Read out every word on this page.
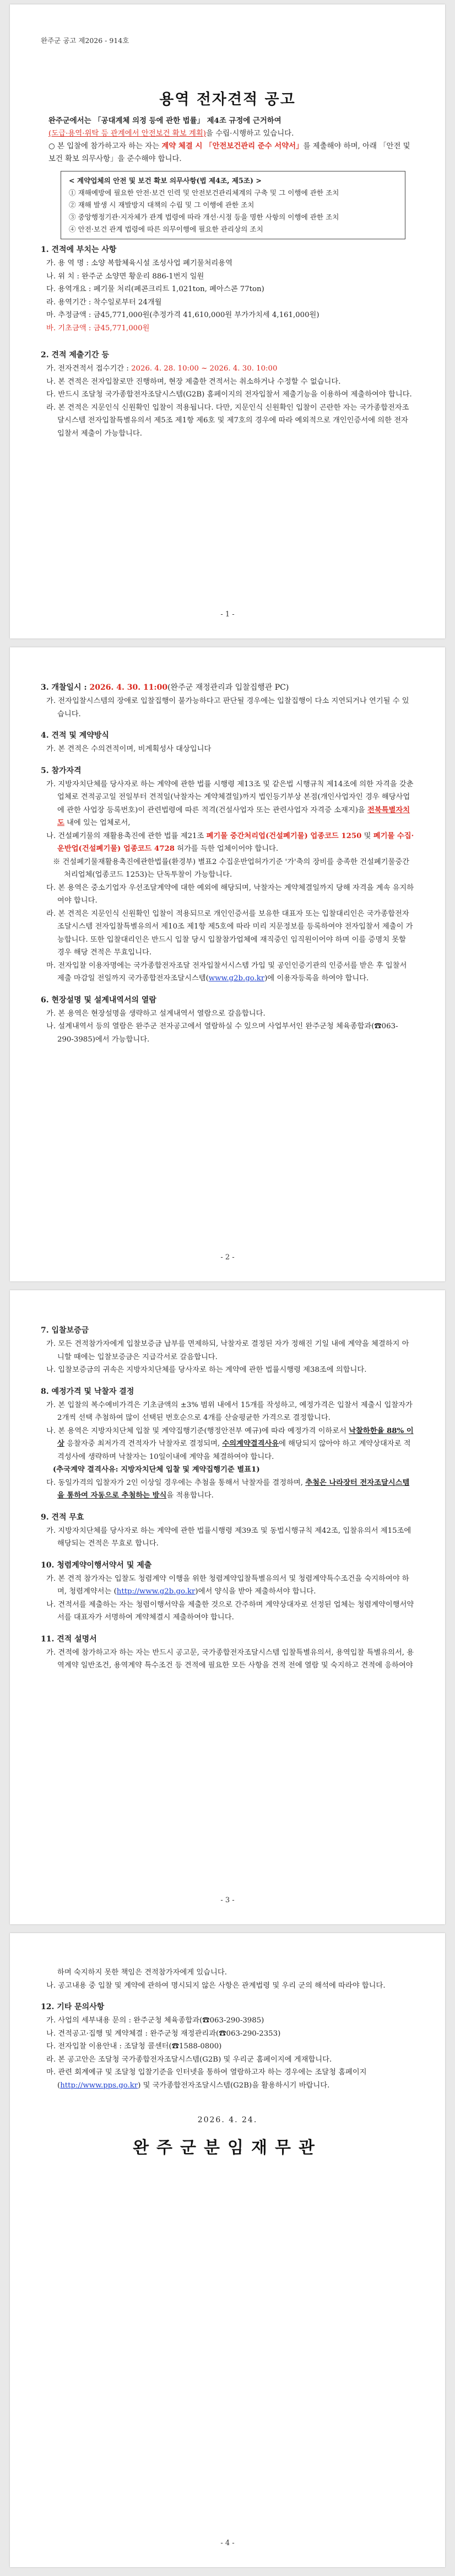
완주군 공고 제2026 - 914호
용역 전자견적 공고
완주군에서는 「공대계체 의정 등에 관한 법률」 제4조 규정에 근거하여
(도급·용역·위탁 등 관계에서 안전보건 확보 계획)을 수립·시행하고 있습니다.
○ 본 입찰에 참가하고자 하는 자는 계약 체결 시 「안전보건관리 준수 서약서」를 제출해야 하며, 아래 「안전 및 보건 확보 의무사항」을 준수해야 합니다.
< 계약업체의 안전 및 보건 확보 의무사항(법 제4조, 제5조) >
① 재해예방에 필요한 안전·보건 인력 및 안전보건관리체계의 구축 및 그 이행에 관한 조치
② 재해 발생 시 재발방지 대책의 수립 및 그 이행에 관한 조치
③ 중앙행정기관·지자체가 관계 법령에 따라 개선·시정 등을 명한 사항의 이행에 관한 조치
④ 안전·보건 관계 법령에 따른 의무이행에 필요한 관리상의 조치

1. 견적에 부치는 사항

가. 용 역 명 : 소양 복합체육시설 조성사업 폐기물처리용역

나. 위 치 : 완주군 소양면 황운리 886-1번지 일원

다. 용역개요 : 폐기물 처리(폐콘크리트 1,021ton, 폐아스콘 77ton)

라. 용역기간 : 착수일로부터 24개월

마. 추정금액 : 금45,771,000원(추정가격 41,610,000원 부가가치세 4,161,000원)

바. 기초금액 : 금45,771,000원

2. 견적 제출기간 등

가. 전자견적서 접수기간 : 2026. 4. 28. 10:00 ~ 2026. 4. 30. 10:00

나. 본 견적은 전자입찰로만 진행하며, 현장 제출한 견적서는 취소하거나 수정할 수 없습니다.

다. 반드시 조달청 국가종합전자조달시스템(G2B) 홈페이지의 전자입찰서 제출기능을 이용하여 제출하여야 합니다.

라. 본 견적은 지문인식 신원확인 입찰이 적용됩니다. 다만, 지문인식 신원확인 입찰이 곤란한 자는 국가종합전자조달시스템 전자입찰특별유의서 제5조 제1항 제6호 및 제7호의 경우에 따라 예외적으로 개인인증서에 의한 전자입찰서 제출이 가능합니다.

- 1 -

3. 개찰일시 : 2026. 4. 30. 11:00(완주군 재정관리과 입찰집행관 PC)

가. 전자입찰시스템의 장애로 입찰집행이 불가능하다고 판단될 경우에는 입찰집행이 다소 지연되거나 연기될 수 있습니다.

4. 견적 및 계약방식

가. 본 견적은 수의견적이며, 비계획성사 대상입니다

5. 참가자격

가. 지방자치단체를 당사자로 하는 계약에 관한 법률 시행령 제13조 및 같은법 시행규칙 제14조에 의한 자격을 갖춘 업체로 견적공고일 전일부터 견적일(낙찰자는 계약체결일)까지 법인등기부상 본점(개인사업자인 경우 해당사업에 관한 사업장 등록번호)이 관련법령에 따른 적격(건설사업자 또는 관련사업자 자격증 소재지)을 전북특별자치도 내에 있는 업체로서,

나. 건설폐기물의 재활용촉진에 관한 법률 제21조 폐기물 중간처리업(건설폐기물) 업종코드 1250 및 폐기물 수집·운반업(건설폐기물) 업종코드 4728 허가를 득한 업체이어야 합니다.

※ 건설폐기물재활용촉진에관한법률(환경부) 별표2 수집운반업허가기준 '가'축의 장비를 충족한 건설폐기물중간처리업체(업종코드 1253)는 단독투찰이 가능합니다.

다. 본 용역은 중소기업자 우선조달계약에 대한 예외에 해당되며, 낙찰자는 계약체결일까지 당해 자격을 계속 유지하여야 합니다.

라. 본 견적은 지문인식 신원확인 입찰이 적용되므로 개인인증서를 보유한 대표자 또는 입찰대리인은 국가종합전자조달시스템 전자입찰특별유의서 제10조 제1항 제5호에 따라 미리 지문정보를 등록하여야 전자입찰서 제출이 가능합니다. 또한 입찰대리인은 반드시 입찰 당시 입찰참가업체에 재직중인 임직원이어야 하며 이를 증명치 못할 경우 해당 견적은 무효입니다.

마. 전자입찰 이용자명에는 국가종합전자조달 전자입찰서시스템 가입 및 공인인증기관의 인증서를 받은 후 입찰서 제출 마감일 전일까지 국가종합전자조달시스템(www.g2b.go.kr)에 이용자등록을 하여야 합니다.

6. 현장설명 및 설계내역서의 열람

가. 본 용역은 현장설명을 생략하고 설계내역서 열람으로 갈음합니다.

나. 설계내역서 등의 열람은 완주군 전자공고에서 열람하실 수 있으며 사업부서인 완주군청 체육종합과(☎063-290-3985)에서 가능합니다.

- 2 -

7. 입찰보증금

가. 모든 견적참가자에게 입찰보증금 납부를 면제하되, 낙찰자로 결정된 자가 정해진 기일 내에 계약을 체결하지 아니할 때에는 입찰보증금은 지급각서로 갈음합니다.

나. 입찰보증금의 귀속은 지방자치단체를 당사자로 하는 계약에 관한 법률시행령 제38조에 의합니다.

8. 예정가격 및 낙찰자 결정

가. 본 입찰의 복수예비가격은 기초금액의 ±3% 범위 내에서 15개를 작성하고, 예정가격은 입찰서 제출시 입찰자가 2개씩 선택 추첨하여 많이 선택된 번호순으로 4개를 산술평균한 가격으로 결정합니다.

나. 본 용역은 지방자치단체 입찰 및 계약집행기준(행정안전부 예규)에 따라 예정가격 이하로서 낙찰하한율 88% 이상 응찰자중 최저가격 견적자가 낙찰자로 결정되며, 수의계약결격사유에 해당되지 않아야 하고 계약상대자로 적격성사에 생략하며 낙찰자는 10일이내에 계약을 체결하여야 합니다.

(추국계약 결격사유: 지방자치단체 입찰 및 계약집행기준 별표1)

다. 동일가격의 입찰자가 2인 이상일 경우에는 추첨을 통해서 낙찰자를 결정하며, 추첨은 나라장터 전자조달시스템을 통하여 자동으로 추첨하는 방식을 적용합니다.

9. 견적 무효

가. 지방자치단체를 당사자로 하는 계약에 관한 법률시행령 제39조 및 동법시행규칙 제42조, 입찰유의서 제15조에 해당되는 견적은 무효로 합니다.

10. 청렴계약이행서약서 및 제출

가. 본 견적 참가자는 입찰도 청렴계약 이행을 위한 청렴계약입찰특별유의서 및 청렴계약특수조건을 숙지하여야 하며, 청렴계약서는 (http://www.g2b.go.kr)에서 양식을 받아 제출하셔야 합니다.

나. 견적서를 제출하는 자는 청렴이행서약을 제출한 것으로 간주하며 계약상대자로 선정된 업체는 청렴계약이행서약서를 대표자가 서명하여 계약체결시 제출하여야 합니다.

11. 견적 설명서

가. 견적에 참가하고자 하는 자는 반드시 공고문, 국가종합전자조달시스템 입찰특별유의서, 용역입찰 특별유의서, 용역계약 일반조건, 용역계약 특수조건 등 견적에 필요한 모든 사항을 견적 전에 열람 및 숙지하고 견적에 응하여야

- 3 -

하며 숙지하지 못한 책임은 견적참가자에게 있습니다.

나. 공고내용 중 입찰 및 계약에 관하여 명시되지 않은 사항은 관계법령 및 우리 군의 해석에 따라야 합니다.

12. 기타 문의사항

가. 사업의 세부내용 문의 : 완주군청 체육종합과(☎063-290-3985)

나. 견적공고·집행 및 계약체결 : 완주군청 재정관리과(☎063-290-2353)

다. 전자입찰 이용안내 : 조달청 콜센터(☎1588-0800)

라. 본 공고안은 조달청 국가종합전자조달시스템(G2B) 및 우리군 홈페이지에 게재합니다.

마. 관련 회계예규 및 조달청 입찰기준을 인터넷을 통하여 열람하고자 하는 경우에는 조달청 홈페이지(http://www.pps.go.kr) 및 국가종합전자조달시스템(G2B)을 활용하시기 바랍니다.

2026. 4. 24.
완주군분임재무관
- 4 -
